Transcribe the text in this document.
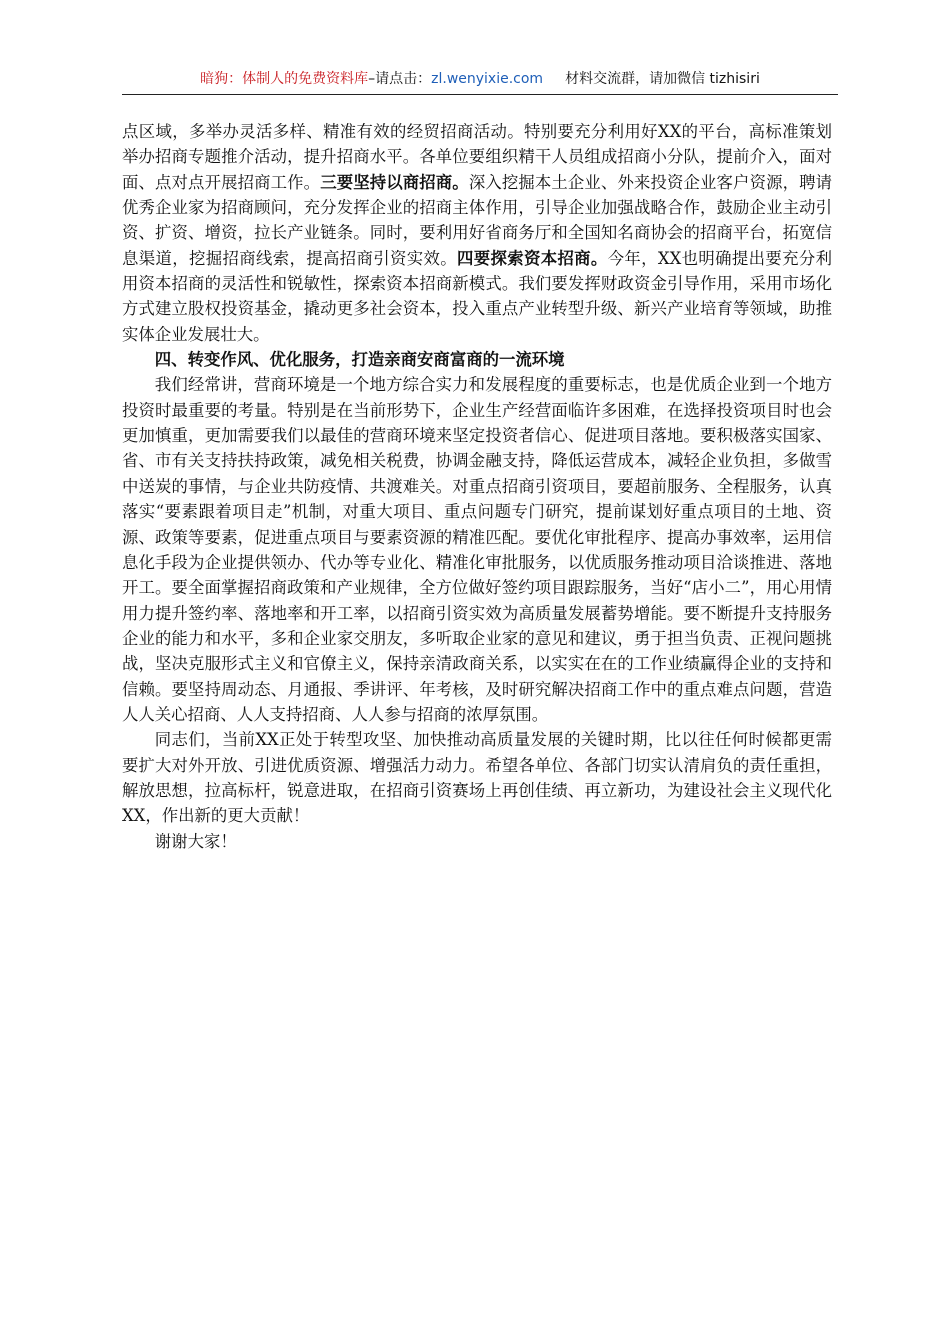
暗狗：体制人的免费资料库–请点击：zl.wenyixie.com 材料交流群，请加微信 tizhisiri

点区域，多举办灵活多样、精准有效的经贸招商活动。特别要充分利用好XX的平台，高标准策划举办招商专题推介活动，提升招商水平。各单位要组织精干人员组成招商小分队，提前介入，面对面、点对点开展招商工作。三要坚持以商招商。深入挖掘本土企业、外来投资企业客户资源，聘请优秀企业家为招商顾问，充分发挥企业的招商主体作用，引导企业加强战略合作，鼓励企业主动引资、扩资、增资，拉长产业链条。同时，要利用好省商务厅和全国知名商协会的招商平台，拓宽信息渠道，挖掘招商线索，提高招商引资实效。四要探索资本招商。今年，XX也明确提出要充分利用资本招商的灵活性和锐敏性，探索资本招商新模式。我们要发挥财政资金引导作用，采用市场化方式建立股权投资基金，撬动更多社会资本，投入重点产业转型升级、新兴产业培育等领域，助推实体企业发展壮大。

四、转变作风、优化服务，打造亲商安商富商的一流环境

我们经常讲，营商环境是一个地方综合实力和发展程度的重要标志，也是优质企业到一个地方投资时最重要的考量。特别是在当前形势下，企业生产经营面临许多困难，在选择投资项目时也会更加慎重，更加需要我们以最佳的营商环境来坚定投资者信心、促进项目落地。要积极落实国家、省、市有关支持扶持政策，减免相关税费，协调金融支持，降低运营成本，减轻企业负担，多做雪中送炭的事情，与企业共防疫情、共渡难关。对重点招商引资项目，要超前服务、全程服务，认真落实“要素跟着项目走”机制，对重大项目、重点问题专门研究，提前谋划好重点项目的土地、资源、政策等要素，促进重点项目与要素资源的精准匹配。要优化审批程序、提高办事效率，运用信息化手段为企业提供领办、代办等专业化、精准化审批服务，以优质服务推动项目洽谈推进、落地开工。要全面掌握招商政策和产业规律，全方位做好签约项目跟踪服务，当好“店小二”，用心用情用力提升签约率、落地率和开工率，以招商引资实效为高质量发展蓄势增能。要不断提升支持服务企业的能力和水平，多和企业家交朋友，多听取企业家的意见和建议，勇于担当负责、正视问题挑战，坚决克服形式主义和官僚主义，保持亲清政商关系，以实实在在的工作业绩赢得企业的支持和信赖。要坚持周动态、月通报、季讲评、年考核，及时研究解决招商工作中的重点难点问题，营造人人关心招商、人人支持招商、人人参与招商的浓厚氛围。

同志们，当前XX正处于转型攻坚、加快推动高质量发展的关键时期，比以往任何时候都更需要扩大对外开放、引进优质资源、增强活力动力。希望各单位、各部门切实认清肩负的责任重担，解放思想，拉高标杆，锐意进取，在招商引资赛场上再创佳绩、再立新功，为建设社会主义现代化XX，作出新的更大贡献！

谢谢大家！
